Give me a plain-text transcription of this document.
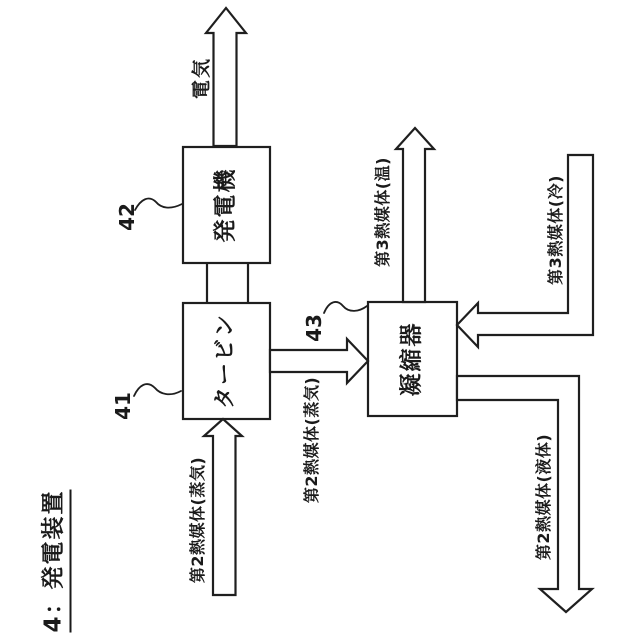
4：発電装置
発電機
タービン	凝縮器
42
41
43
電気
第2熱媒体(蒸気)
第2熱媒体(蒸気)
第3熱媒体(温)	第3熱媒体(冷)
第2熱媒体(液体)
